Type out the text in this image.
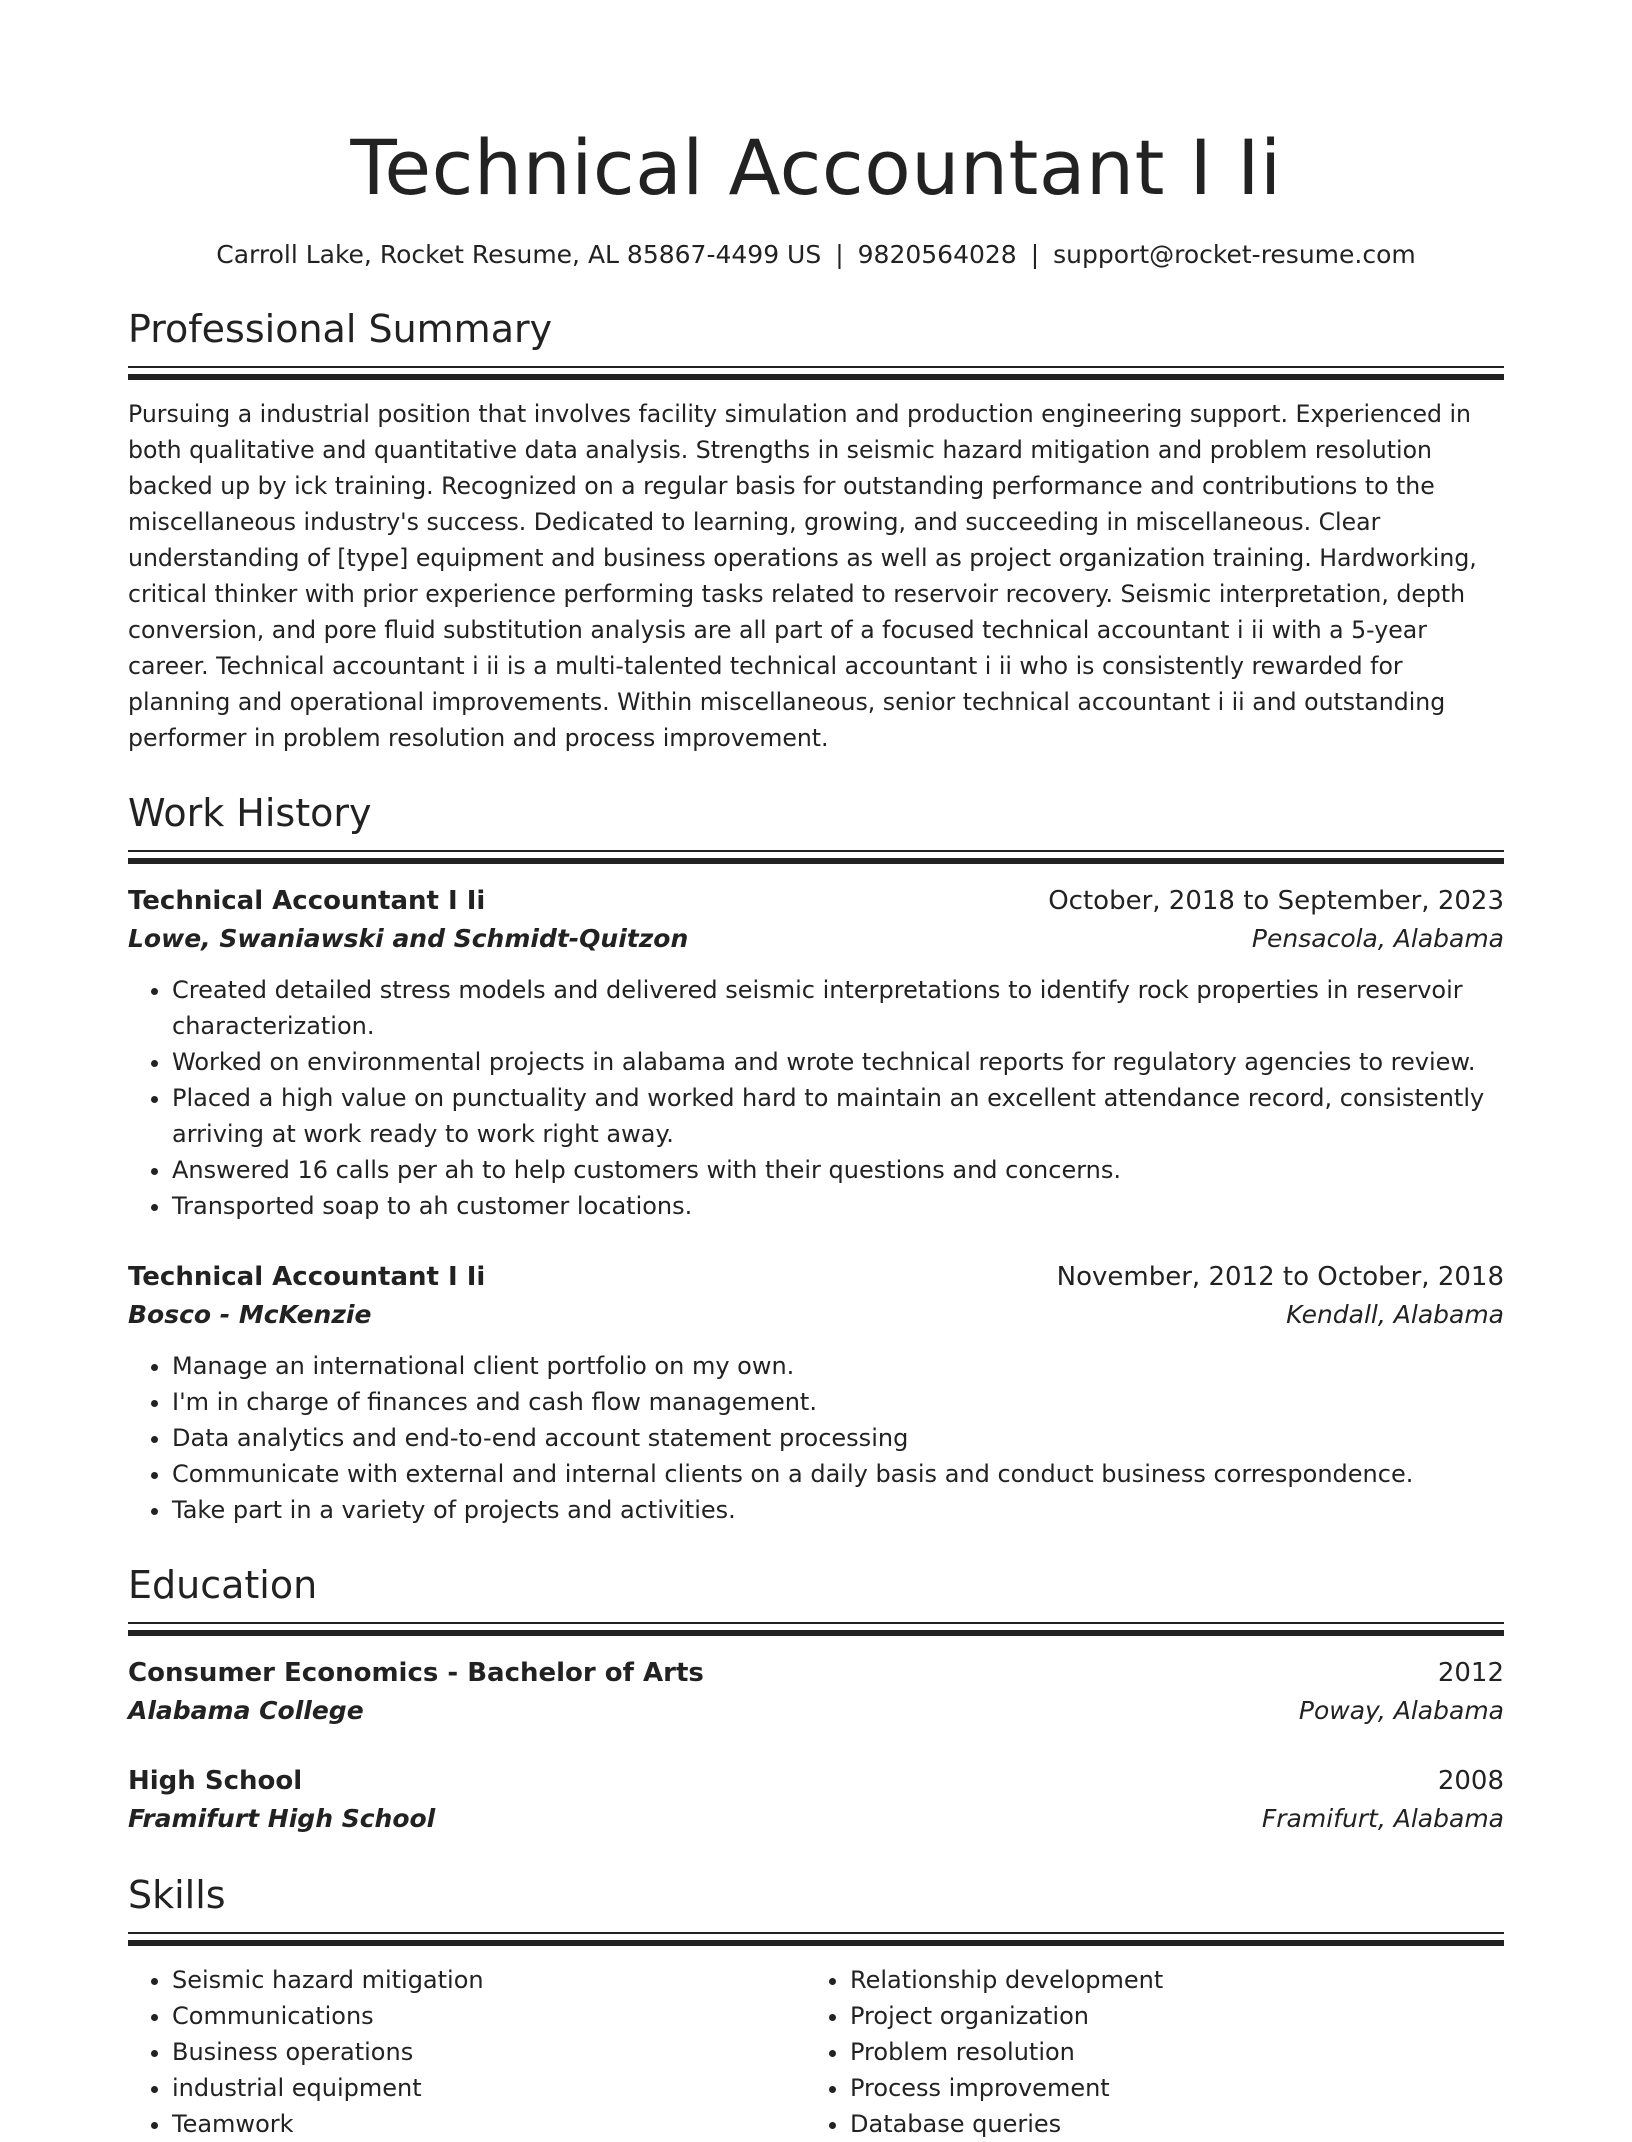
Technical Accountant I Ii
Carroll Lake, Rocket Resume, AL 85867-4499 US | 9820564028 | support@rocket-resume.com
Professional Summary

Pursuing a industrial position that involves facility simulation and production engineering support. Experienced in both qualitative and quantitative data analysis. Strengths in seismic hazard mitigation and problem resolution backed up by ick training. Recognized on a regular basis for outstanding performance and contributions to the miscellaneous industry's success. Dedicated to learning, growing, and succeeding in miscellaneous. Clear understanding of [type] equipment and business operations as well as project organization training. Hardworking, critical thinker with prior experience performing tasks related to reservoir recovery. Seismic interpretation, depth conversion, and pore fluid substitution analysis are all part of a focused technical accountant i ii with a 5-year career. Technical accountant i ii is a multi-talented technical accountant i ii who is consistently rewarded for planning and operational improvements. Within miscellaneous, senior technical accountant i ii and outstanding performer in problem resolution and process improvement.

Work History
Technical Accountant I Ii	October, 2018 to September, 2023
Lowe, Swaniawski and Schmidt-Quitzon	Pensacola, Alabama
• Created detailed stress models and delivered seismic interpretations to identify rock properties in reservoir characterization.
• Worked on environmental projects in alabama and wrote technical reports for regulatory agencies to review.
• Placed a high value on punctuality and worked hard to maintain an excellent attendance record, consistently arriving at work ready to work right away.
• Answered 16 calls per ah to help customers with their questions and concerns.
• Transported soap to ah customer locations.
Technical Accountant I Ii	November, 2012 to October, 2018
Bosco - McKenzie	Kendall, Alabama
• Manage an international client portfolio on my own.
• I'm in charge of finances and cash flow management.
• Data analytics and end-to-end account statement processing
• Communicate with external and internal clients on a daily basis and conduct business correspondence.
• Take part in a variety of projects and activities.
Education
Consumer Economics - Bachelor of Arts	2012
Alabama College	Poway, Alabama
High School	2008
Framifurt High School	Framifurt, Alabama
Skills
• Seismic hazard mitigation
• Communications
• Business operations
• industrial equipment
• Teamwork
• Relationship development
• Project organization
• Problem resolution
• Process improvement
• Database queries
